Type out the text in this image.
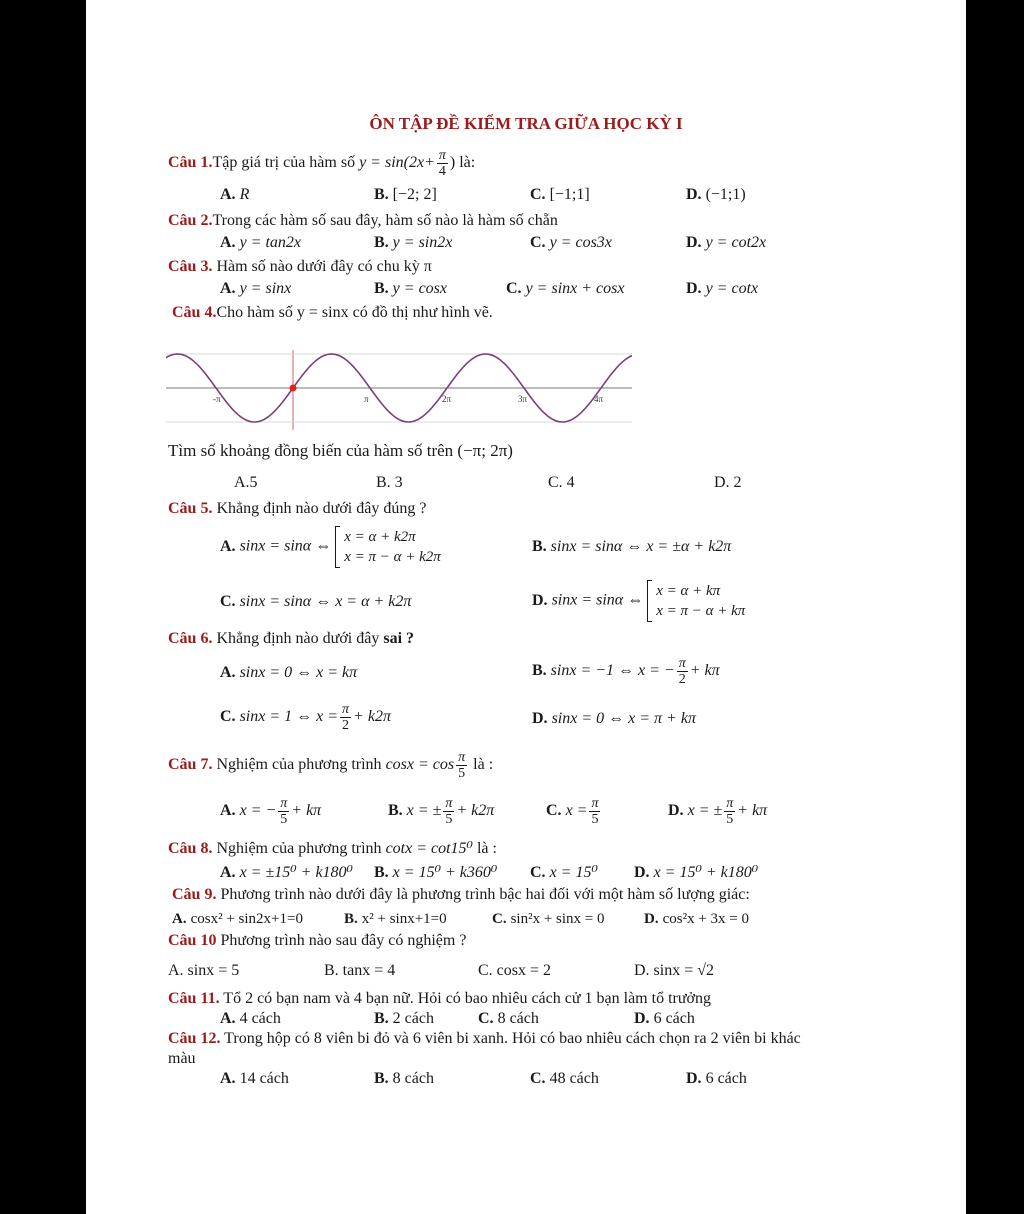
ÔN TẬP ĐỀ KIỂM TRA GIỮA HỌC KỲ I
Câu 1.Tập giá trị của hàm số $y = \sin(2x+ \frac{\pi}{4}$ ) là:
A. R	B. [−2; 2]	C. [−1;1]	D. (−1;1)
Câu 2.Trong các hàm số sau đây, hàm số nào là hàm số chẵn
A. y = tan2x	B. y = sin2x	C. y = cos3x	D. y = cot2x
Câu 3. Hàm số nào dưới đây có chu kỳ π
A. y = sinx	B. y = cosx	C. y = sinx + cosx	D. y = cotx
Câu 4.Cho hàm số y = sinx có đồ thị như hình vẽ.
-π	π	2π	3π	4π
Tìm số khoảng đồng biến của hàm số trên (−π; 2π)
A.5	B. 3	C. 4	D. 2
Câu 5. Khẳng định nào dưới đây đúng ?
A. sinx = sinα ⇔
x = α + k2π
x = π − α + k2π
B. sinx = sinα ⇔ x = ±α + k2π
C. sinx = sinα ⇔ x = α + k2π	D. sinx = sinα ⇔
x = α + kπ
x = π − α + kπ
Câu 6. Khẳng định nào dưới đây sai ?
A. sinx = 0 ⇔ x = kπ	B. sinx = −1 ⇔ x = − $\frac{\pi}{2} + k\pi$
C. sinx = 1 ⇔ $x = \frac{\pi}{2} + k2\pi$	D. sinx = 0 ⇔ x = π + kπ
Câu 7. Nghiệm của phương trình $\cos x = \cos \frac{\pi}{5}$ là :
A. x = − $\frac{\pi}{5} + k\pi$	B. x = ± $\frac{\pi}{5} + k2\pi$	C. $x = \frac{\pi}{5}$	D. x = ± $\frac{\pi}{5} + k\pi$
Câu 8. Nghiệm của phương trình cotx = cot15⁰ là :
A. x = ±15⁰ + k180⁰ B. x = 15⁰ + k360⁰ C. x = 15⁰ D. x = 15⁰ + k180⁰
Câu 9. Phương trình nào dưới đây là phương trình bậc hai đối với một hàm số lượng giác:
A. cosx² + sin2x+1=0	B. x² + sinx+1=0	C. sin²x + sinx = 0	D. cos²x + 3x = 0
Câu 10 Phương trình nào sau đây có nghiệm ?
A. sinx = 5	B. tanx = 4	C. cosx = 2	D. sinx = √2
Câu 11. Tổ 2 có bạn nam và 4 bạn nữ. Hỏi có bao nhiêu cách cử 1 bạn làm tổ trưởng
A. 4 cách	B. 2 cách	C. 8 cách	D. 6 cách
Câu 12. Trong hộp có 8 viên bi đỏ và 6 viên bi xanh. Hỏi có bao nhiêu cách chọn ra 2 viên bi khác
màu
A. 14 cách	B. 8 cách	C. 48 cách	D. 6 cách
